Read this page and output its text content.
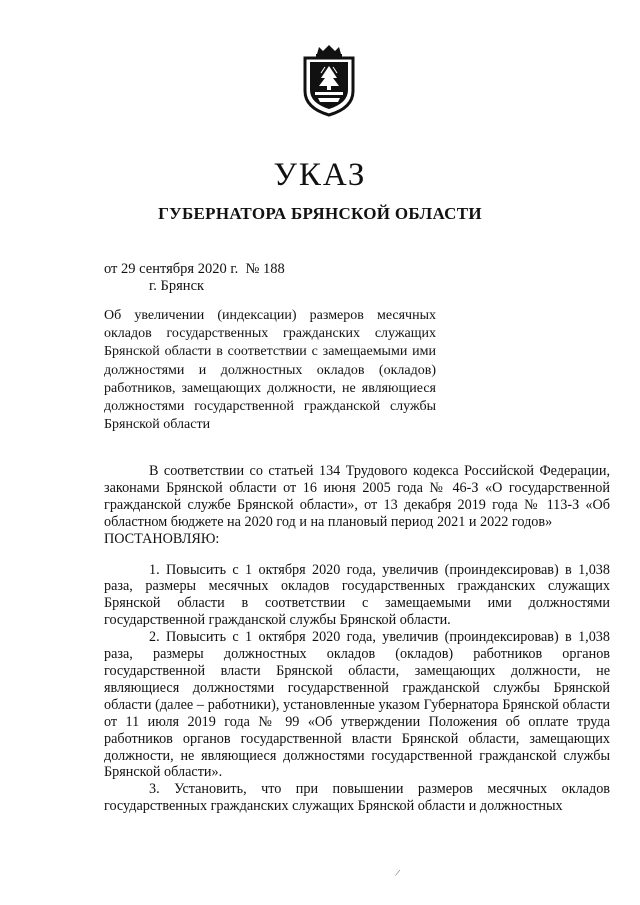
УКАЗ
ГУБЕРНАТОРА БРЯНСКОЙ ОБЛАСТИ
от 29 сентября 2020 г.  № 188
г. Брянск
Об увеличении (индексации) размеров месячных окладов государственных гражданских служащих Брянской области в соответствии с замещаемыми ими должностями и должностных окладов (окладов) работников, замещающих должности, не являющиеся должностями государственной гражданской службы Брянской области

В соответствии со статьей 134 Трудового кодекса Российской Федерации, законами Брянской области от 16 июня 2005 года № 46-З «О государственной гражданской службе Брянской области», от 13 декабря 2019 года № 113-З «Об областном бюджете на 2020 год и на плановый период 2021 и 2022 годов»

ПОСТАНОВЛЯЮ:

1. Повысить с 1 октября 2020 года, увеличив (проиндексировав) в 1,038 раза, размеры месячных окладов государственных гражданских служащих Брянской области в соответствии с замещаемыми ими должностями государственной гражданской службы Брянской области.

2. Повысить с 1 октября 2020 года, увеличив (проиндексировав) в 1,038 раза, размеры должностных окладов (окладов) работников органов государственной власти Брянской области, замещающих должности, не являющиеся должностями государственной гражданской службы Брянской области (далее – работники), установленные указом Губернатора Брянской области от 11 июля 2019 года № 99 «Об утверждении Положения об оплате труда работников органов государственной власти Брянской области, замещающих должности, не являющиеся должностями государственной гражданской службы Брянской области».

3. Установить, что при повышении размеров месячных окладов государственных гражданских служащих Брянской области и должностных

/
